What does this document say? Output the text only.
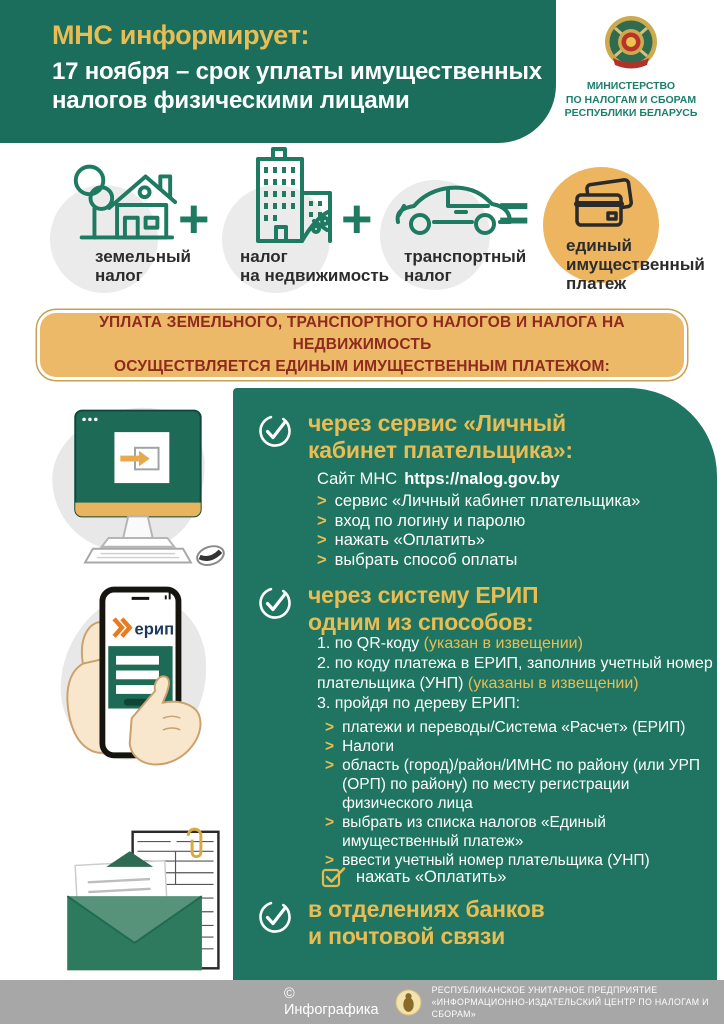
МНС информирует:
17 ноября – срок уплаты имущественных
налогов физическими лицами
МИНИСТЕРСТВО
ПО НАЛОГАМ И СБОРАМ
РЕСПУБЛИКИ БЕЛАРУСЬ
земельный
налог
+
налог
на недвижимость
+
транспортный
налог
=
единый
имущественный
платеж
УПЛАТА ЗЕМЕЛЬНОГО, ТРАНСПОРТНОГО НАЛОГОВ И НАЛОГА НА НЕДВИЖИМОСТЬ
ОСУЩЕСТВЛЯЕТСЯ ЕДИНЫМ ИМУЩЕСТВЕННЫМ ПЛАТЕЖОМ:
ерип
через сервис «Личный
кабинет плательщика»:
Сайт МНС https://nalog.gov.by
> сервис «Личный кабинет плательщика»
> вход по логину и паролю
> нажать «Оплатить»
> выбрать способ оплаты
через систему ЕРИП
одним из способов:
1. по QR-коду (указан в извещении)
2. по коду платежа в ЕРИП, заполнив учетный номер плательщика (УНП) (указаны в извещении)
3. пройдя по дереву ЕРИП:
> платежи и переводы/Система «Расчет» (ЕРИП)
> Налоги
> область (город)/район/ИМНС по району (или УРП (ОРП) по району) по месту регистрации физического лица
> выбрать из списка налогов «Единый имущественный платеж»
> ввести учетный номер плательщика (УНП)
нажать «Оплатить»
в отделениях банков
и почтовой связи
© Инфографика
РЕСПУБЛИКАНСКОЕ УНИТАРНОЕ ПРЕДПРИЯТИЕ
«ИНФОРМАЦИОННО-ИЗДАТЕЛЬСКИЙ ЦЕНТР ПО НАЛОГАМ И СБОРАМ»
